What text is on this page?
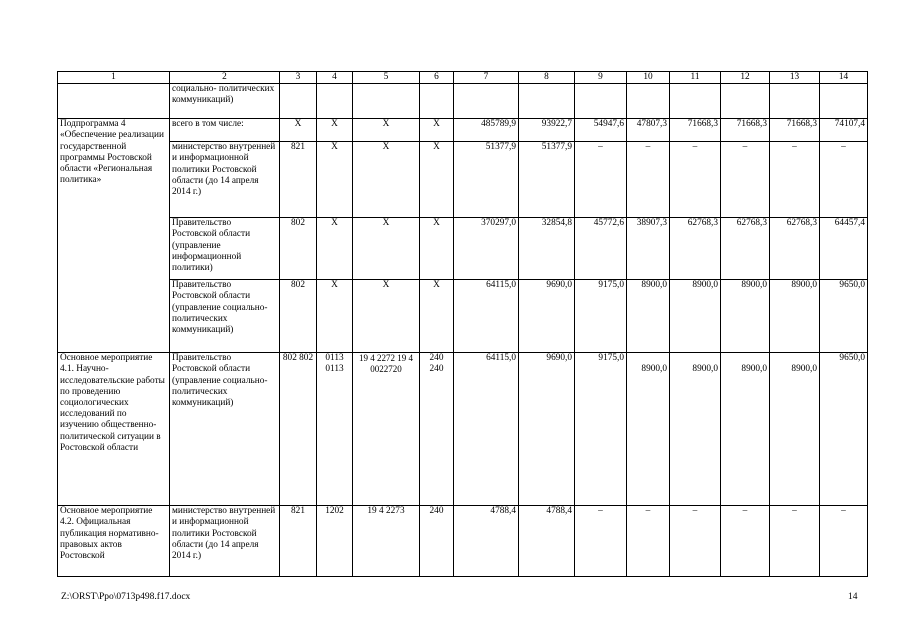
1	2	3	4	5	6	7	8	9	10	11	12	13	14
	социально- политических коммуникаций)												
Подпрограмма 4 «Обеспечение реализации государственной программы Ростовской области «Региональная политика»	всего в том числе:	Х	Х	Х	Х	485789,9	93922,7	54947,6	47807,3	71668,3	71668,3	71668,3	74107,4
	министерство внутренней и информационной политики Ростовской области (до 14 апреля 2014 г.)	821	Х	Х	Х	51377,9	51377,9	–	–	–	–	–	–
	Правительство Ростовской области (управление информационной политики)	802	Х	Х	Х	370297,0	32854,8	45772,6	38907,3	62768,3	62768,3	62768,3	64457,4
	Правительство Ростовской области (управление социально- политических коммуникаций)	802	Х	Х	Х	64115,0	9690,0	9175,0	8900,0	8900,0	8900,0	8900,0	9650,0
Основное мероприятие 4.1. Научно- исследовательские работы по проведению социологических исследований по изучению общественно- политической ситуации в Ростовской области	Правительство Ростовской области (управление социально- политических коммуникаций)	802 802	0113 0113	19 4 2272 19 4 0022720	240 240	64115,0	9690,0	9175,0	8900,0	8900,0	8900,0	8900,0	9650,0
Основное мероприятие 4.2. Официальная публикация нормативно-правовых актов Ростовской	министерство внутренней и информационной политики Ростовской области (до 14 апреля 2014 г.)	821	1202	19 4 2273	240	4788,4	4788,4	–	–	–	–	–	–
Z:\ORST\Ppo\0713p498.f17.docx	14
